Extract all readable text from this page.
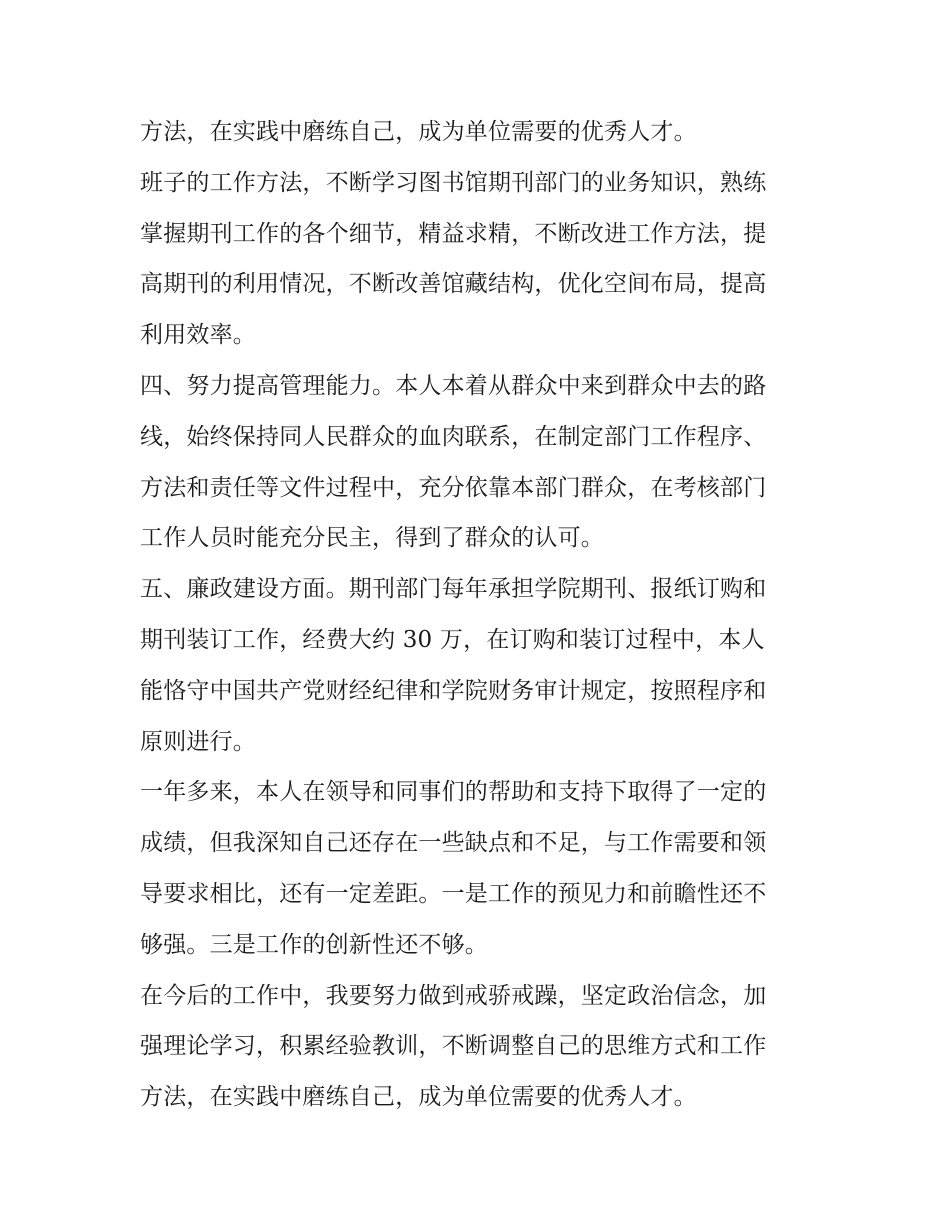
方法，在实践中磨练自己，成为单位需要的优秀人才。

班子的工作方法，不断学习图书馆期刊部门的业务知识，熟练
掌握期刊工作的各个细节，精益求精，不断改进工作方法，提
高期刊的利用情况，不断改善馆藏结构，优化空间布局，提高
利用效率。

四、努力提高管理能力。本人本着从群众中来到群众中去的路
线，始终保持同人民群众的血肉联系，在制定部门工作程序、
方法和责任等文件过程中，充分依靠本部门群众，在考核部门
工作人员时能充分民主，得到了群众的认可。

五、廉政建设方面。期刊部门每年承担学院期刊、报纸订购和
期刊装订工作，经费大约 30 万，在订购和装订过程中，本人
能恪守中国共产党财经纪律和学院财务审计规定，按照程序和
原则进行。

一年多来，本人在领导和同事们的帮助和支持下取得了一定的
成绩，但我深知自己还存在一些缺点和不足，与工作需要和领
导要求相比，还有一定差距。一是工作的预见力和前瞻性还不
够强。三是工作的创新性还不够。

在今后的工作中，我要努力做到戒骄戒躁，坚定政治信念，加
强理论学习，积累经验教训，不断调整自己的思维方式和工作
方法，在实践中磨练自己，成为单位需要的优秀人才。
